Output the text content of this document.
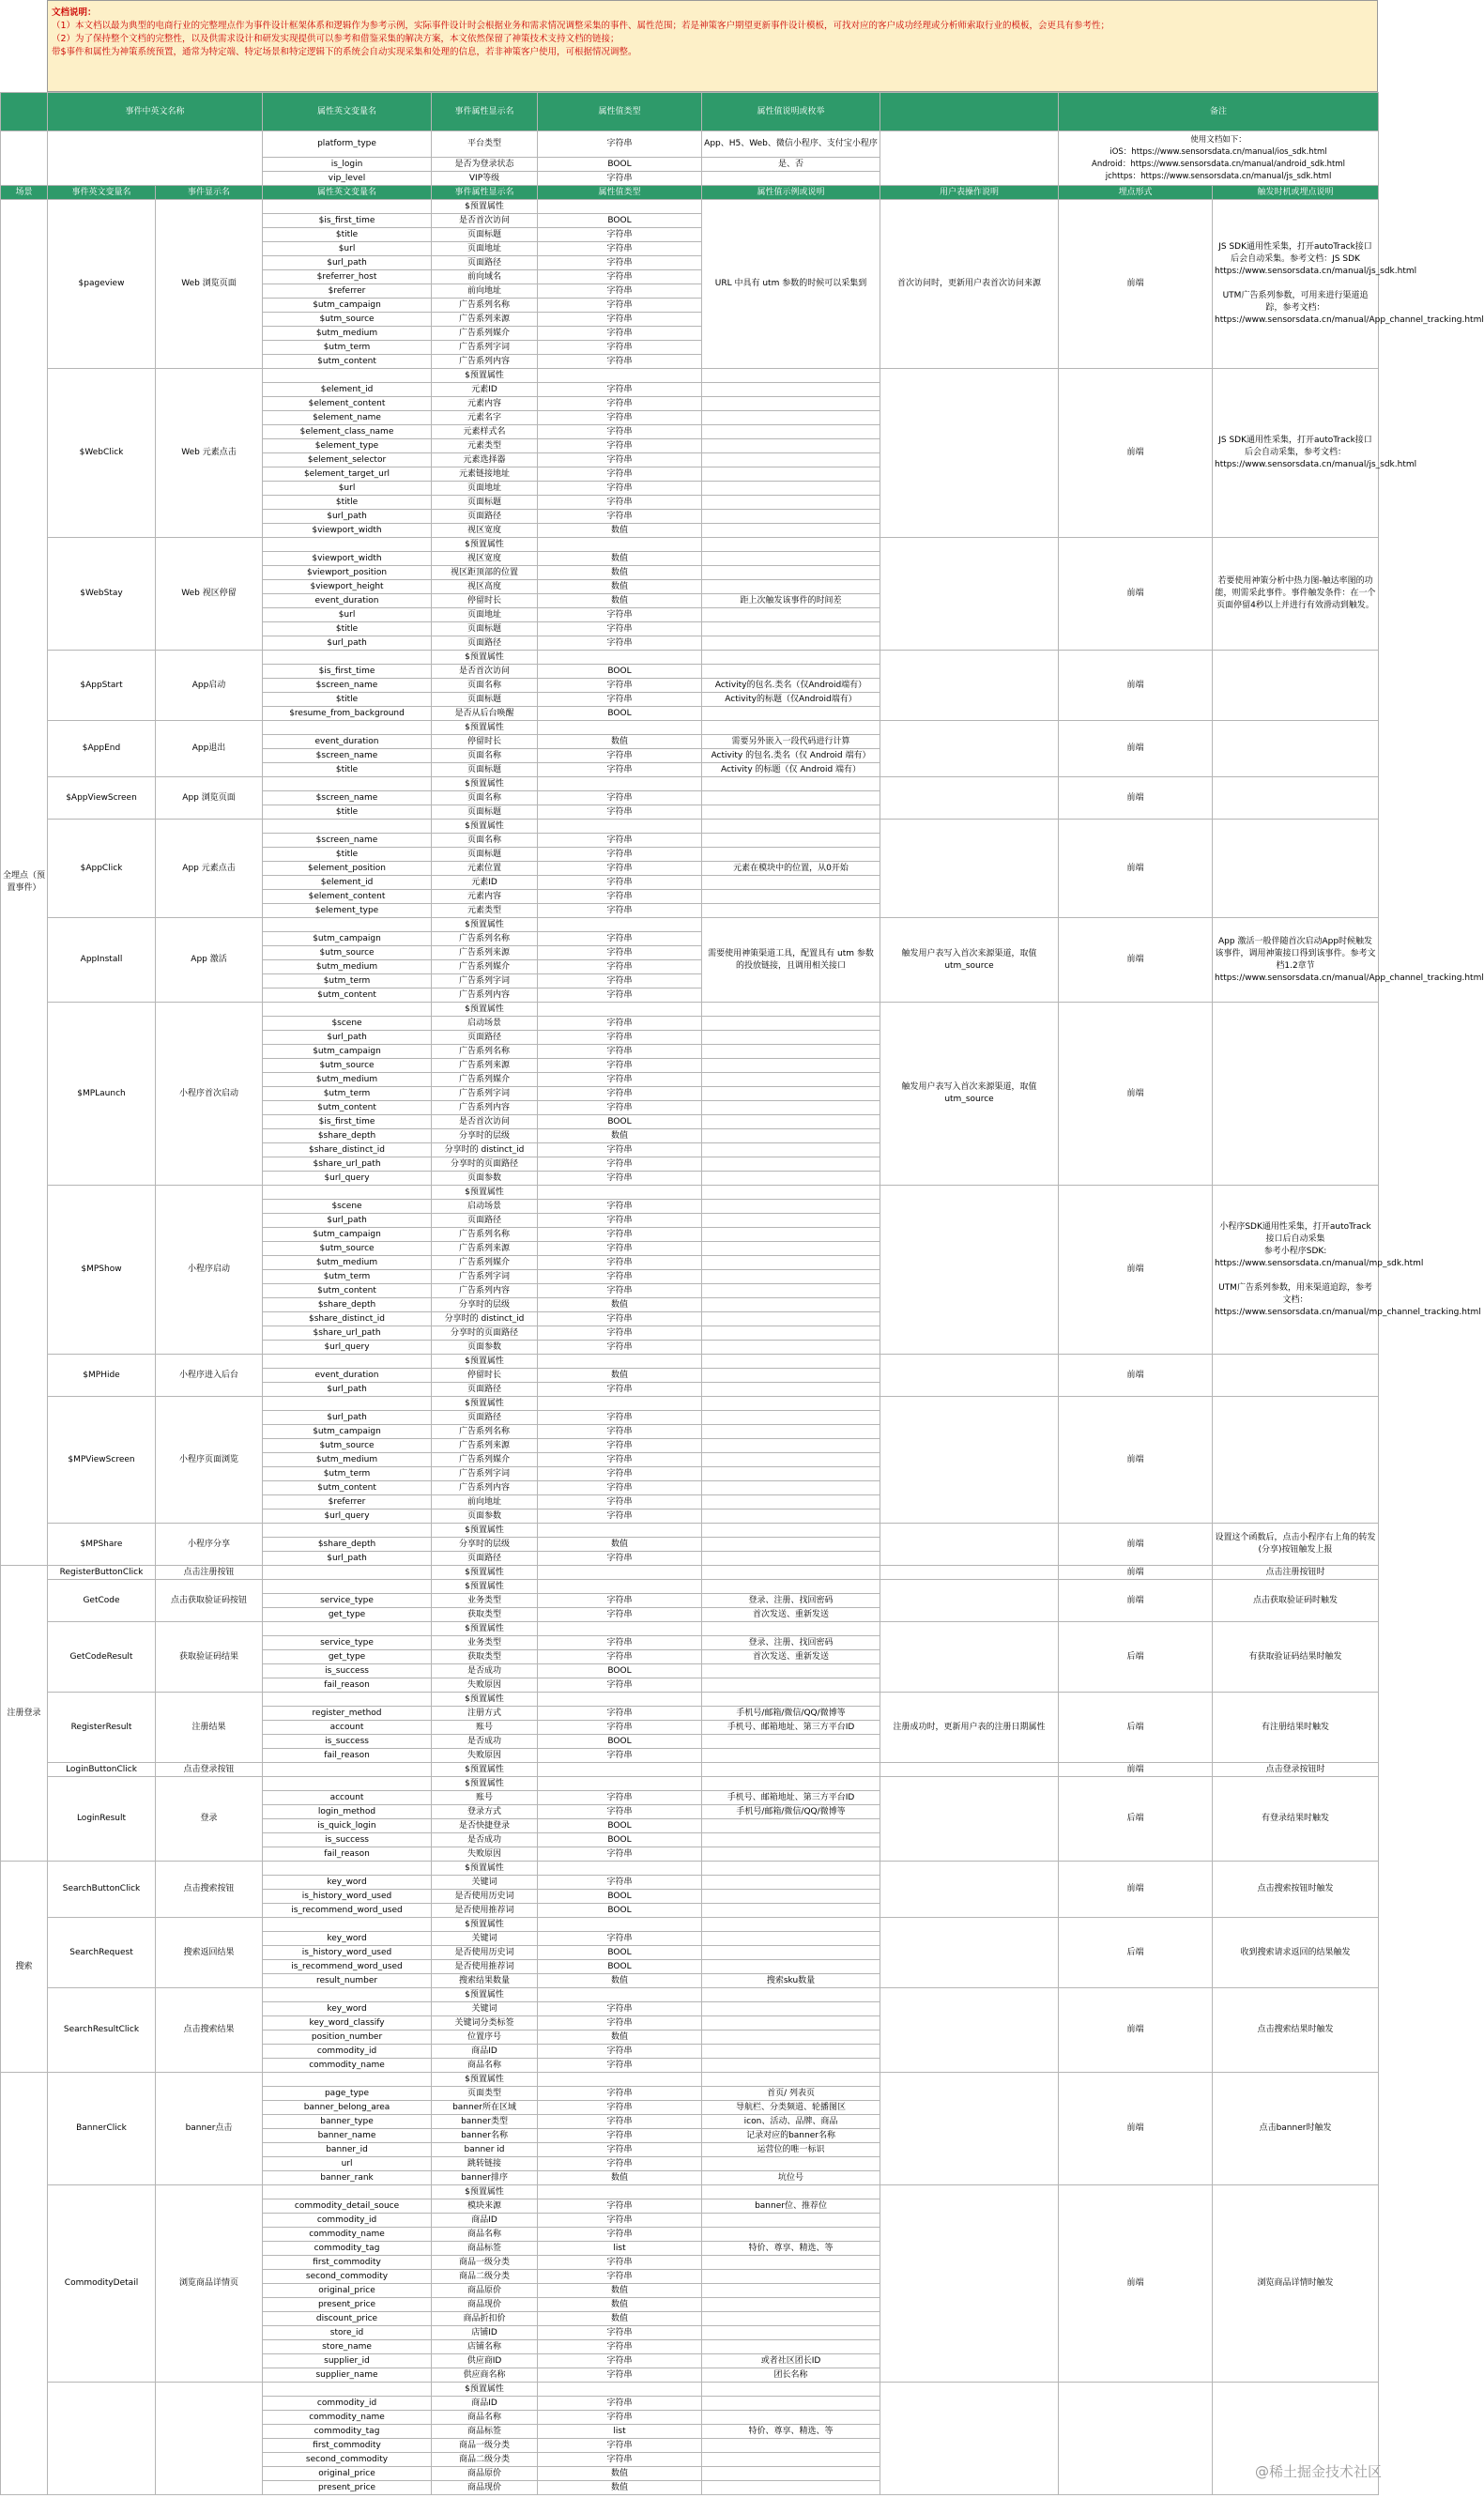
文档说明：
（1）本文档以最为典型的电商行业的完整埋点作为事件设计框架体系和逻辑作为参考示例，实际事件设计时会根据业务和需求情况调整采集的事件、属性范围；若是神策客户期望更新事件设计模板，可找对应的客户成功经理或分析师索取行业的模板，会更具有参考性；
（2）为了保持整个文档的完整性，以及供需求设计和研发实现提供可以参考和借鉴采集的解决方案，本文依然保留了神策技术支持文档的链接；
带$事件和属性为神策系统预置，通常为特定端、特定场景和特定逻辑下的系统会自动实现采集和处理的信息，若非神策客户使用，可根据情况调整。
	事件中英文名称		属性英文变量名	事件属性显示名	属性值类型	属性值说明或枚举		备注	
			platform_type	平台类型	字符串	App、H5、Web、微信小程序、支付宝小程序		使用文档如下：
iOS：https://www.sensorsdata.cn/manual/ios_sdk.html
Android：https://www.sensorsdata.cn/manual/android_sdk.html
jchttps：https://www.sensorsdata.cn/manual/js_sdk.html	
			is_login	是否为登录状态	BOOL	是、否			
			vip_level	VIP等级	字符串				
场景	事件英文变量名	事件显示名	属性英文变量名	事件属性显示名	属性值类型	属性值示例或说明	用户表操作说明	埋点形式	触发时机或埋点说明
全埋点（预置事件）	$pageview	Web 浏览页面		$预置属性		URL 中具有 utm 参数的时候可以采集到	首次访问时，更新用户表首次访问来源	前端	JS SDK通用性采集，打开autoTrack接口后会自动采集。参考文档：JS SDK https://www.sensorsdata.cn/manual/js_sdk.html

UTM广告系列参数，可用来进行渠道追踪，参考文档：https://www.sensorsdata.cn/manual/App_channel_tracking.html
			$is_first_time	是否首次访问	BOOL				
			$title	页面标题	字符串				
			$url	页面地址	字符串				
			$url_path	页面路径	字符串				
			$referrer_host	前向域名	字符串				
			$referrer	前向地址	字符串				
			$utm_campaign	广告系列名称	字符串				
			$utm_source	广告系列来源	字符串				
			$utm_medium	广告系列媒介	字符串				
			$utm_term	广告系列字词	字符串				
			$utm_content	广告系列内容	字符串				
	$WebClick	Web 元素点击		$预置属性				前端	JS SDK通用性采集，打开autoTrack接口后会自动采集，参考文档：https://www.sensorsdata.cn/manual/js_sdk.html
			$element_id	元素ID	字符串				
			$element_content	元素内容	字符串				
			$element_name	元素名字	字符串				
			$element_class_name	元素样式名	字符串				
			$element_type	元素类型	字符串				
			$element_selector	元素选择器	字符串				
			$element_target_url	元素链接地址	字符串				
			$url	页面地址	字符串				
			$title	页面标题	字符串				
			$url_path	页面路径	字符串				
			$viewport_width	视区宽度	数值				
	$WebStay	Web 视区停留		$预置属性				前端	若要使用神策分析中热力图-触达率图的功能，则需采此事件。事件触发条件：在一个页面停留4秒以上并进行有效滑动到触发。
			$viewport_width	视区宽度	数值				
			$viewport_position	视区距顶部的位置	数值				
			$viewport_height	视区高度	数值				
			event_duration	停留时长	数值	距上次触发该事件的时间差			
			$url	页面地址	字符串				
			$title	页面标题	字符串				
			$url_path	页面路径	字符串				
	$AppStart	App启动		$预置属性				前端	
			$is_first_time	是否首次访问	BOOL				
			$screen_name	页面名称	字符串	Activity的包名.类名（仅Android端有）			
			$title	页面标题	字符串	Activity的标题（仅Android端有）			
			$resume_from_background	是否从后台唤醒	BOOL				
	$AppEnd	App退出		$预置属性				前端	
			event_duration	停留时长	数值	需要另外嵌入一段代码进行计算			
			$screen_name	页面名称	字符串	Activity 的包名.类名（仅 Android 端有）			
			$title	页面标题	字符串	Activity 的标题（仅 Android 端有）			
	$AppViewScreen	App 浏览页面		$预置属性				前端	
			$screen_name	页面名称	字符串				
			$title	页面标题	字符串				
	$AppClick	App 元素点击		$预置属性				前端	
			$screen_name	页面名称	字符串				
			$title	页面标题	字符串				
			$element_position	元素位置	字符串	元素在模块中的位置，从0开始			
			$element_id	元素ID	字符串				
			$element_content	元素内容	字符串				
			$element_type	元素类型	字符串				
	AppInstall	App 激活		$预置属性		需要使用神策渠道工具，配置具有 utm 参数的投放链接，且调用相关接口	触发用户表写入首次来源渠道，取值utm_source	前端	App 激活一般伴随首次启动App时候触发该事件，调用神策接口得到该事件。参考文档1.2章节 https://www.sensorsdata.cn/manual/App_channel_tracking.html
			$utm_campaign	广告系列名称	字符串				
			$utm_source	广告系列来源	字符串				
			$utm_medium	广告系列媒介	字符串				
			$utm_term	广告系列字词	字符串				
			$utm_content	广告系列内容	字符串				
	$MPLaunch	小程序首次启动		$预置属性			触发用户表写入首次来源渠道，取值utm_source	前端	
			$scene	启动场景	字符串				
			$url_path	页面路径	字符串				
			$utm_campaign	广告系列名称	字符串				
			$utm_source	广告系列来源	字符串				
			$utm_medium	广告系列媒介	字符串				
			$utm_term	广告系列字词	字符串				
			$utm_content	广告系列内容	字符串				
			$is_first_time	是否首次访问	BOOL				
			$share_depth	分享时的层级	数值				
			$share_distinct_id	分享时的 distinct_id	字符串				
			$share_url_path	分享时的页面路径	字符串				
			$url_query	页面参数	字符串				
	$MPShow	小程序启动		$预置属性				前端	小程序SDK通用性采集，打开autoTrack 接口后自动采集
参考小程序SDK:
https://www.sensorsdata.cn/manual/mp_sdk.html

UTM广告系列参数，用来渠道追踪，参考文档：https://www.sensorsdata.cn/manual/mp_channel_tracking.html
			$scene	启动场景	字符串				
			$url_path	页面路径	字符串				
			$utm_campaign	广告系列名称	字符串				
			$utm_source	广告系列来源	字符串				
			$utm_medium	广告系列媒介	字符串				
			$utm_term	广告系列字词	字符串				
			$utm_content	广告系列内容	字符串				
			$share_depth	分享时的层级	数值				
			$share_distinct_id	分享时的 distinct_id	字符串				
			$share_url_path	分享时的页面路径	字符串				
			$url_query	页面参数	字符串				
	$MPHide	小程序进入后台		$预置属性				前端	
			event_duration	停留时长	数值				
			$url_path	页面路径	字符串				
	$MPViewScreen	小程序页面浏览		$预置属性				前端	
			$url_path	页面路径	字符串				
			$utm_campaign	广告系列名称	字符串				
			$utm_source	广告系列来源	字符串				
			$utm_medium	广告系列媒介	字符串				
			$utm_term	广告系列字词	字符串				
			$utm_content	广告系列内容	字符串				
			$referrer	前向地址	字符串				
			$url_query	页面参数	字符串				
	$MPShare	小程序分享		$预置属性				前端	设置这个函数后，点击小程序右上角的转发(分享)按钮触发上报
			$share_depth	分享时的层级	数值				
			$url_path	页面路径	字符串				
注册登录	RegisterButtonClick	点击注册按钮		$预置属性				前端	点击注册按钮时
	GetCode	点击获取验证码按钮		$预置属性				前端	点击获取验证码时触发
			service_type	业务类型	字符串	登录、注册、找回密码			
			get_type	获取类型	字符串	首次发送、重新发送			
	GetCodeResult	获取验证码结果		$预置属性				后端	有获取验证码结果时触发
			service_type	业务类型	字符串	登录、注册、找回密码			
			get_type	获取类型	字符串	首次发送、重新发送			
			is_success	是否成功	BOOL				
			fail_reason	失败原因	字符串				
	RegisterResult	注册结果		$预置属性			注册成功时，更新用户表的注册日期属性	后端	有注册结果时触发
			register_method	注册方式	字符串	手机号/邮箱/微信/QQ/微博等			
			account	账号	字符串	手机号、邮箱地址、第三方平台ID			
			is_success	是否成功	BOOL				
			fail_reason	失败原因	字符串				
	LoginButtonClick	点击登录按钮		$预置属性				前端	点击登录按钮时
	LoginResult	登录		$预置属性				后端	有登录结果时触发
			account	账号	字符串	手机号、邮箱地址、第三方平台ID			
			login_method	登录方式	字符串	手机号/邮箱/微信/QQ/微博等			
			is_quick_login	是否快捷登录	BOOL				
			is_success	是否成功	BOOL				
			fail_reason	失败原因	字符串				
搜索	SearchButtonClick	点击搜索按钮		$预置属性				前端	点击搜索按钮时触发
			key_word	关键词	字符串				
			is_history_word_used	是否使用历史词	BOOL				
			is_recommend_word_used	是否使用推荐词	BOOL				
	SearchRequest	搜索返回结果		$预置属性				后端	收到搜索请求返回的结果触发
			key_word	关键词	字符串				
			is_history_word_used	是否使用历史词	BOOL				
			is_recommend_word_used	是否使用推荐词	BOOL				
			result_number	搜索结果数量	数值	搜索sku数量			
	SearchResultClick	点击搜索结果		$预置属性				前端	点击搜索结果时触发
			key_word	关键词	字符串				
			key_word_classify	关键词分类标签	字符串				
			position_number	位置序号	数值				
			commodity_id	商品ID	字符串				
			commodity_name	商品名称	字符串				
	BannerClick	banner点击		$预置属性				前端	点击banner时触发
			page_type	页面类型	字符串	首页/ 列表页			
			banner_belong_area	banner所在区域	字符串	导航栏、分类频道、轮播图区			
			banner_type	banner类型	字符串	icon、活动、品牌、商品			
			banner_name	banner名称	字符串	记录对应的banner名称			
			banner_id	banner id	字符串	运营位的唯一标识			
			url	跳转链接	字符串				
			banner_rank	banner排序	数值	坑位号			
	CommodityDetail	浏览商品详情页		$预置属性				前端	浏览商品详情时触发
			commodity_detail_souce	模块来源	字符串	banner位、推荐位			
			commodity_id	商品ID	字符串				
			commodity_name	商品名称	字符串				
			commodity_tag	商品标签	list	特价、尊享、精选、等			
			first_commodity	商品一级分类	字符串				
			second_commodity	商品二级分类	字符串				
			original_price	商品原价	数值				
			present_price	商品现价	数值				
			discount_price	商品折扣价	数值				
			store_id	店铺ID	字符串				
			store_name	店铺名称	字符串				
			supplier_id	供应商ID	字符串	或者社区团长ID			
			supplier_name	供应商名称	字符串	团长名称			
				$预置属性					
			commodity_id	商品ID	字符串				
			commodity_name	商品名称	字符串				
			commodity_tag	商品标签	list	特价、尊享、精选、等			
			first_commodity	商品一级分类	字符串				
			second_commodity	商品二级分类	字符串				
			original_price	商品原价	数值				
			present_price	商品现价	数值				
@稀土掘金技术社区
